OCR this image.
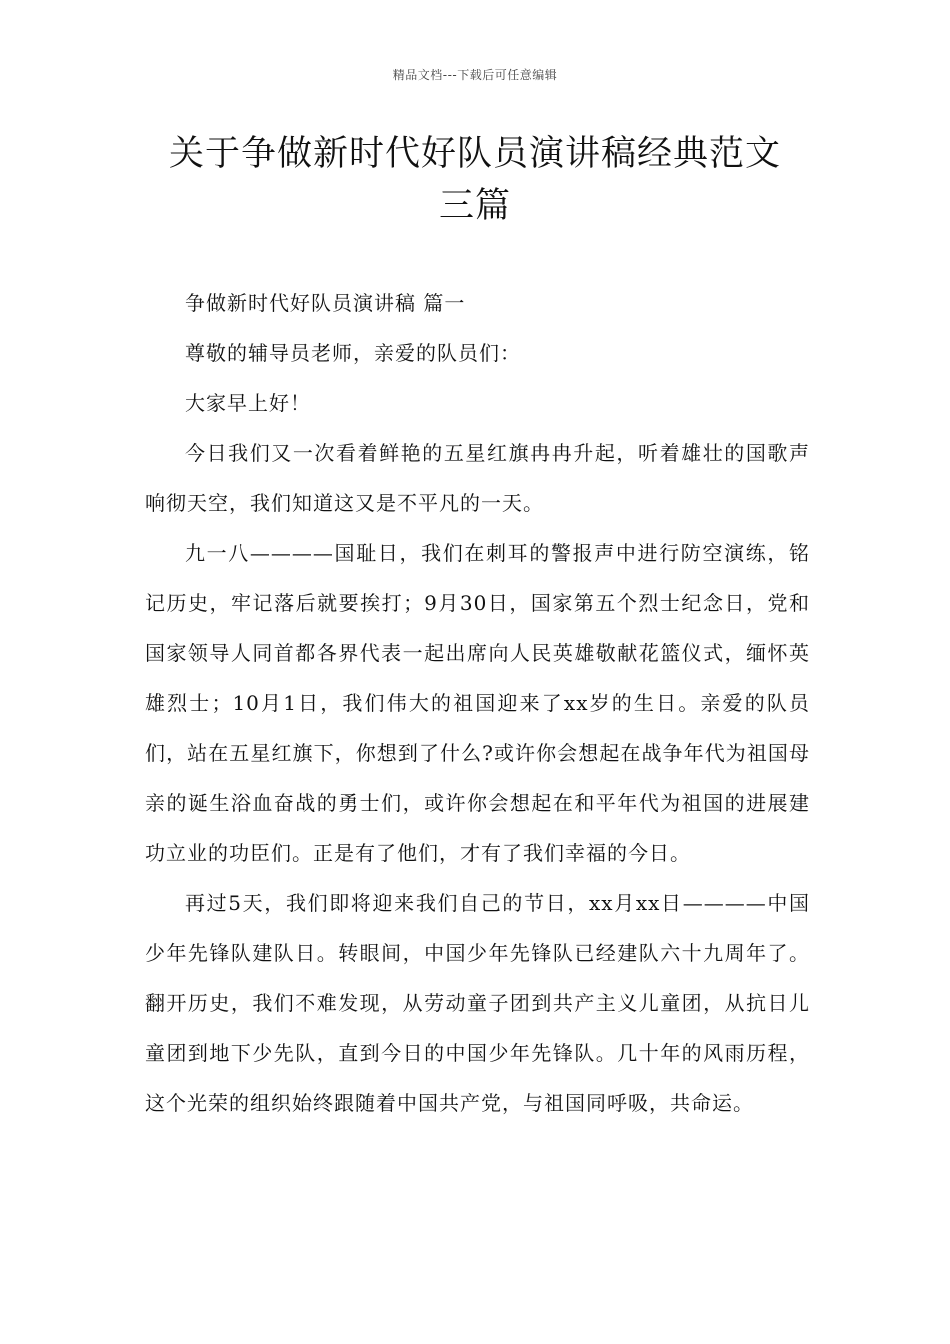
精品文档---下载后可任意编辑
关于争做新时代好队员演讲稿经典范文
三篇

争做新时代好队员演讲稿 篇一

尊敬的辅导员老师，亲爱的队员们：

大家早上好！

今日我们又一次看着鲜艳的五星红旗冉冉升起，听着雄壮的国歌声响彻天空，我们知道这又是不平凡的一天。

九一八————国耻日，我们在刺耳的警报声中进行防空演练，铭记历史，牢记落后就要挨打；9月30日，国家第五个烈士纪念日，党和国家领导人同首都各界代表一起出席向人民英雄敬献花篮仪式，缅怀英雄烈士；10月1日，我们伟大的祖国迎来了xx岁的生日。亲爱的队员们，站在五星红旗下，你想到了什么?或许你会想起在战争年代为祖国母亲的诞生浴血奋战的勇士们，或许你会想起在和平年代为祖国的进展建功立业的功臣们。正是有了他们，才有了我们幸福的今日。

再过5天，我们即将迎来我们自己的节日，xx月xx日————中国少年先锋队建队日。转眼间，中国少年先锋队已经建队六十九周年了。翻开历史，我们不难发现，从劳动童子团到共产主义儿童团，从抗日儿童团到地下少先队，直到今日的中国少年先锋队。几十年的风雨历程，这个光荣的组织始终跟随着中国共产党，与祖国同呼吸，共命运。
